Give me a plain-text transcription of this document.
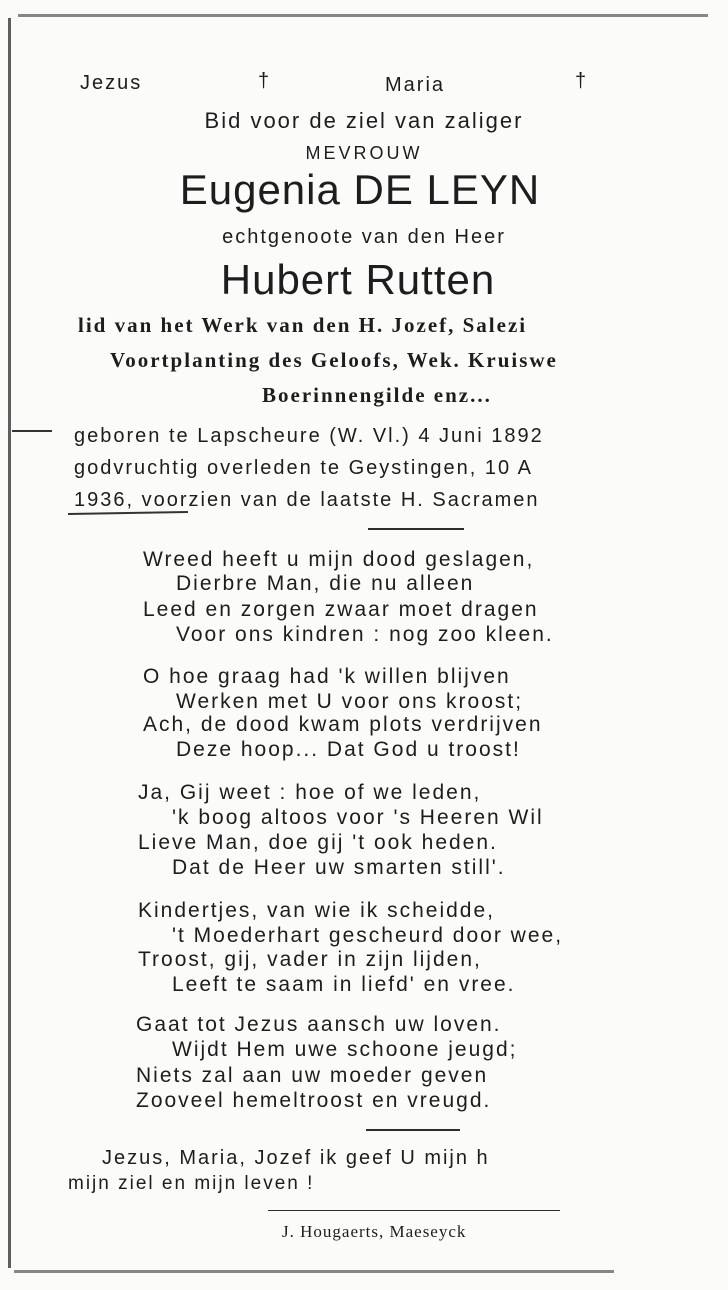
Jezus	†	Maria	†
Bid voor de ziel van zaliger
MEVROUW
Eugenia DE LEYN
echtgenoote van den Heer
Hubert Rutten
lid van het Werk van den H. Jozef, Salezi
Voortplanting des Geloofs, Wek. Kruiswe
Boerinnengilde enz...
geboren te Lapscheure (W. Vl.) 4 Juni 1892
godvruchtig overleden te Geystingen, 10 A
1936, voorzien van de laatste H. Sacramen
Wreed heeft u mijn dood geslagen,
Dierbre Man, die nu alleen
Leed en zorgen zwaar moet dragen
Voor ons kindren : nog zoo kleen.
O hoe graag had 'k willen blijven
Werken met U voor ons kroost;
Ach, de dood kwam plots verdrijven
Deze hoop... Dat God u troost!
Ja, Gij weet : hoe of we leden,
'k boog altoos voor 's Heeren Wil
Lieve Man, doe gij 't ook heden.
Dat de Heer uw smarten still'.
Kindertjes, van wie ik scheidde,
't Moederhart gescheurd door wee,
Troost, gij, vader in zijn lijden,
Leeft te saam in liefd' en vree.
Gaat tot Jezus aansch uw loven.
Wijdt Hem uwe schoone jeugd;
Niets zal aan uw moeder geven
Zooveel hemeltroost en vreugd.
Jezus, Maria, Jozef ik geef U mijn h
mijn ziel en mijn leven !
J. Hougaerts, Maeseyck
